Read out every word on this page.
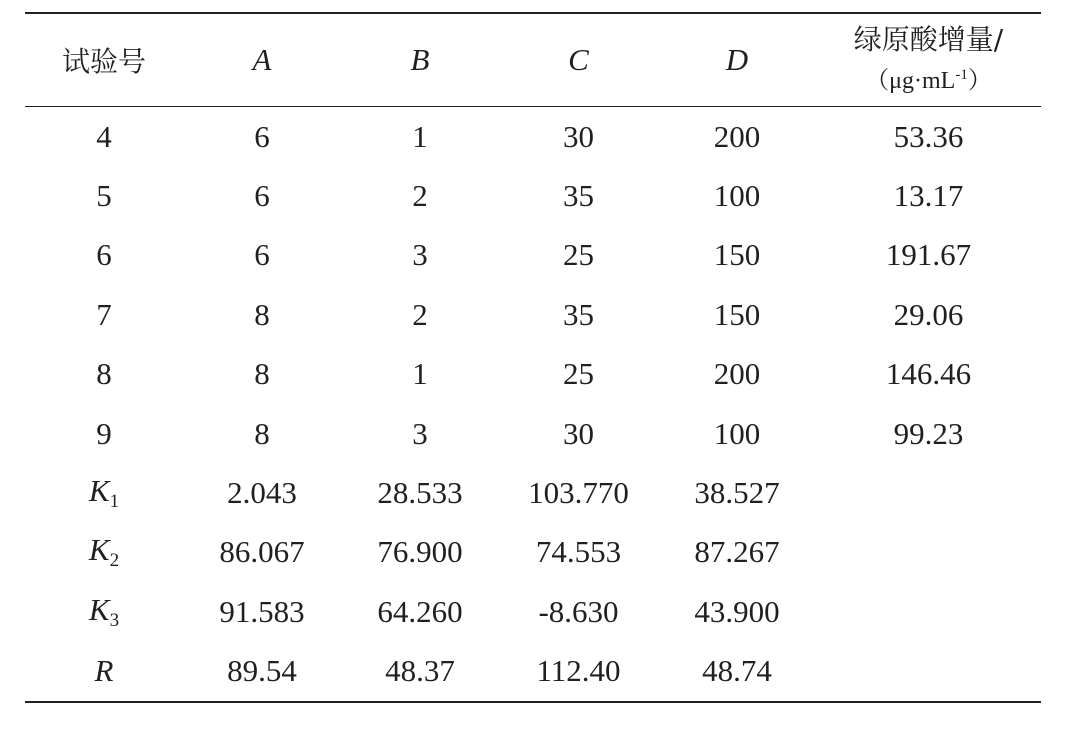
试验号	A	B	C	D	绿原酸增量/
$(\mu g\cdot mL^{-1})$

4	6	1	30	200	53.36
5	6	2	35	100	13.17
6	6	3	25	150	191.67
7	8	2	35	150	29.06
8	8	1	25	200	146.46
9	8	3	30	100	99.23
$K_1$	2.043	28.533	103.770	38.527	
$K_2$	86.067	76.900	74.553	87.267	
$K_3$	91.583	64.260	-8.630	43.900	
R	89.54	48.37	112.40	48.74	
